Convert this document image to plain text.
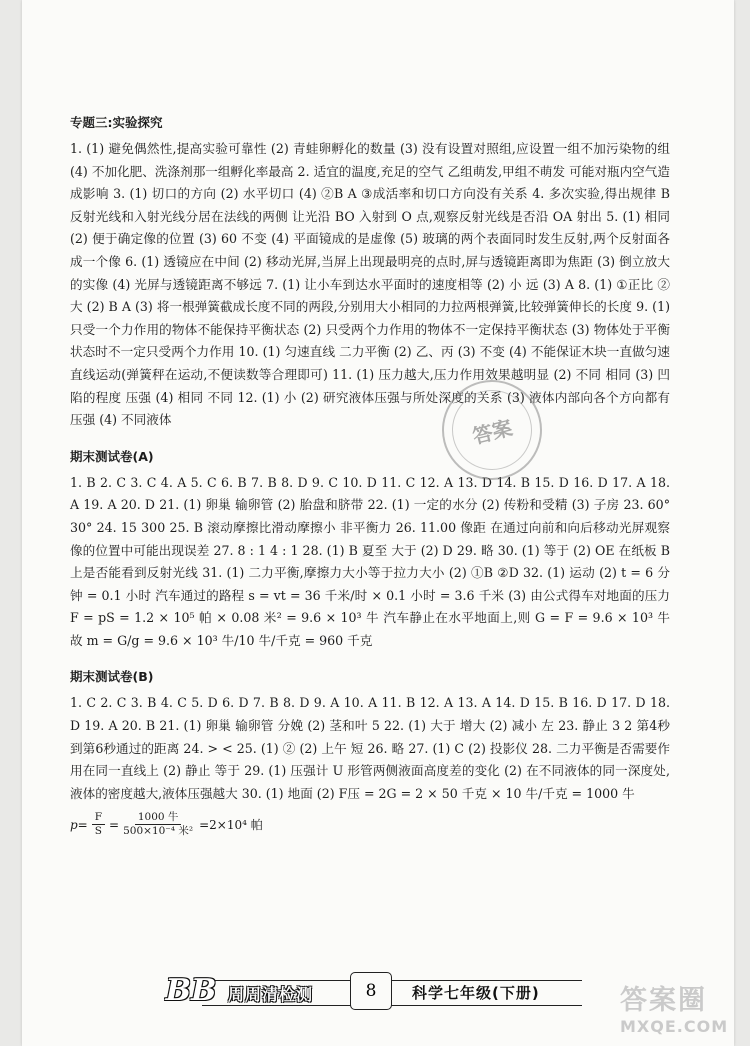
专题三:实验探究

1. (1) 避免偶然性,提高实验可靠性 (2) 青蛙卵孵化的数量 (3) 没有设置对照组,应设置一组不加污染物的组 (4) 不加化肥、洗涤剂那一组孵化率最高 2. 适宜的温度,充足的空气 乙组萌发,甲组不萌发 可能对瓶内空气造成影响 3. (1) 切口的方向 (2) 水平切口 (4) ②B A ③成活率和切口方向没有关系 4. 多次实验,得出规律 B 反射光线和入射光线分居在法线的两侧 让光沿 BO 入射到 O 点,观察反射光线是否沿 OA 射出 5. (1) 相同 (2) 便于确定像的位置 (3) 60 不变 (4) 平面镜成的是虚像 (5) 玻璃的两个表面同时发生反射,两个反射面各成一个像 6. (1) 透镜应在中间 (2) 移动光屏,当屏上出现最明亮的点时,屏与透镜距离即为焦距 (3) 倒立放大的实像 (4) 光屏与透镜距离不够远 7. (1) 让小车到达水平面时的速度相等 (2) 小 远 (3) A 8. (1) ①正比 ②大 (2) B A (3) 将一根弹簧截成长度不同的两段,分别用大小相同的力拉两根弹簧,比较弹簧伸长的长度 9. (1) 只受一个力作用的物体不能保持平衡状态 (2) 只受两个力作用的物体不一定保持平衡状态 (3) 物体处于平衡状态时不一定只受两个力作用 10. (1) 匀速直线 二力平衡 (2) 乙、丙 (3) 不变 (4) 不能保证木块一直做匀速直线运动(弹簧秤在运动,不便读数等合理即可) 11. (1) 压力越大,压力作用效果越明显 (2) 不同 相同 (3) 凹陷的程度 压强 (4) 相同 不同 12. (1) 小 (2) 研究液体压强与所处深度的关系 (3) 液体内部向各个方向都有压强 (4) 不同液体

期末测试卷(A)

1. B 2. C 3. C 4. A 5. C 6. B 7. B 8. D 9. C 10. D 11. C 12. A 13. D 14. B 15. D 16. D 17. A 18. A 19. A 20. D 21. (1) 卵巢 输卵管 (2) 胎盘和脐带 22. (1) 一定的水分 (2) 传粉和受精 (3) 子房 23. 60° 30° 24. 15 300 25. B 滚动摩擦比滑动摩擦小 非平衡力 26. 11.00 像距 在通过向前和向后移动光屏观察像的位置中可能出现误差 27. 8 : 1 4 : 1 28. (1) B 夏至 大于 (2) D 29. 略 30. (1) 等于 (2) OE 在纸板 B 上是否能看到反射光线 31. (1) 二力平衡,摩擦力大小等于拉力大小 (2) ①B ②D 32. (1) 运动 (2) t = 6 分钟 = 0.1 小时 汽车通过的路程 s = vt = 36 千米/时 × 0.1 小时 = 3.6 千米 (3) 由公式得车对地面的压力 F = pS = 1.2 × 10⁵ 帕 × 0.08 米² = 9.6 × 10³ 牛 汽车静止在水平地面上,则 G = F = 9.6 × 10³ 牛 故 m = G/g = 9.6 × 10³ 牛/10 牛/千克 = 960 千克

期末测试卷(B)

1. C 2. C 3. B 4. C 5. D 6. D 7. B 8. D 9. A 10. A 11. B 12. A 13. A 14. D 15. B 16. D 17. D 18. D 19. A 20. B 21. (1) 卵巢 输卵管 分娩 (2) 茎和叶 5 22. (1) 大于 增大 (2) 减小 左 23. 静止 3 2 第4秒到第6秒通过的距离 24. > < 25. (1) ② (2) 上午 短 26. 略 27. (1) C (2) 投影仪 28. 二力平衡是否需要作用在同一直线上 (2) 静止 等于 29. (1) 压强计 U 形管两侧液面高度差的变化 (2) 在不同液体的同一深度处,液体的密度越大,液体压强越大 30. (1) 地面 (2) F压 = 2G = 2 × 50 千克 × 10 牛/千克 = 1000 牛

$p= \frac{F}{S} = \frac{\text{1000 牛}}{\text{500×10⁻⁴ 米²}} =2\times 10^4$ 帕
答案
BB 周周清检测	8	科学七年级(下册)	答案圈
MXQE.COM
